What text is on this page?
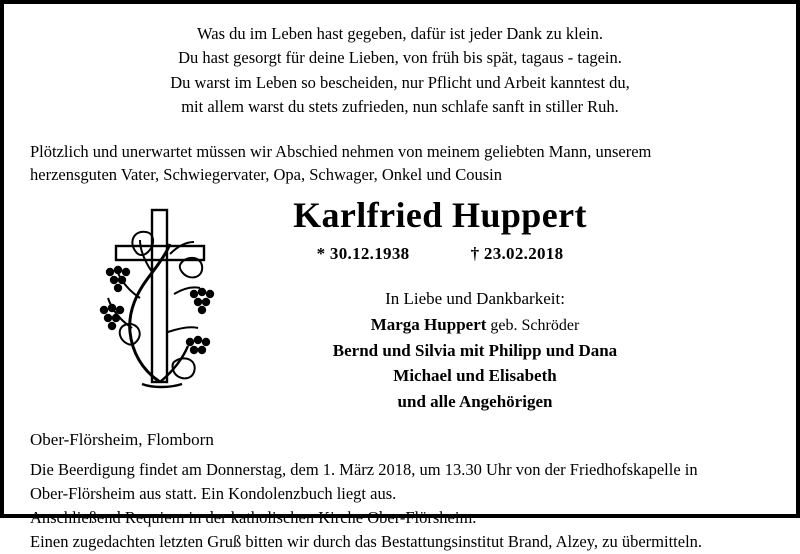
Was du im Leben hast gegeben, dafür ist jeder Dank zu klein.
Du hast gesorgt für deine Lieben, von früh bis spät, tagaus - tagein.
Du warst im Leben so bescheiden, nur Pflicht und Arbeit kanntest du,
mit allem warst du stets zufrieden, nun schlafe sanft in stiller Ruh.
Plötzlich und unerwartet müssen wir Abschied nehmen von meinem geliebten Mann, unserem
herzensguten Vater, Schwiegervater, Opa, Schwager, Onkel und Cousin
Karlfried Huppert
* 30.12.1938	† 23.02.2018
In Liebe und Dankbarkeit:
Marga Huppert geb. Schröder
Bernd und Silvia mit Philipp und Dana
Michael und Elisabeth
und alle Angehörigen
Ober-Flörsheim, Flomborn
Die Beerdigung findet am Donnerstag, dem 1. März 2018, um 13.30 Uhr von der Friedhofskapelle in
Ober-Flörsheim aus statt. Ein Kondolenzbuch liegt aus.
Anschließend Requiem in der katholischen Kirche Ober-Flörsheim.
Einen zugedachten letzten Gruß bitten wir durch das Bestattungsinstitut Brand, Alzey, zu übermitteln.
